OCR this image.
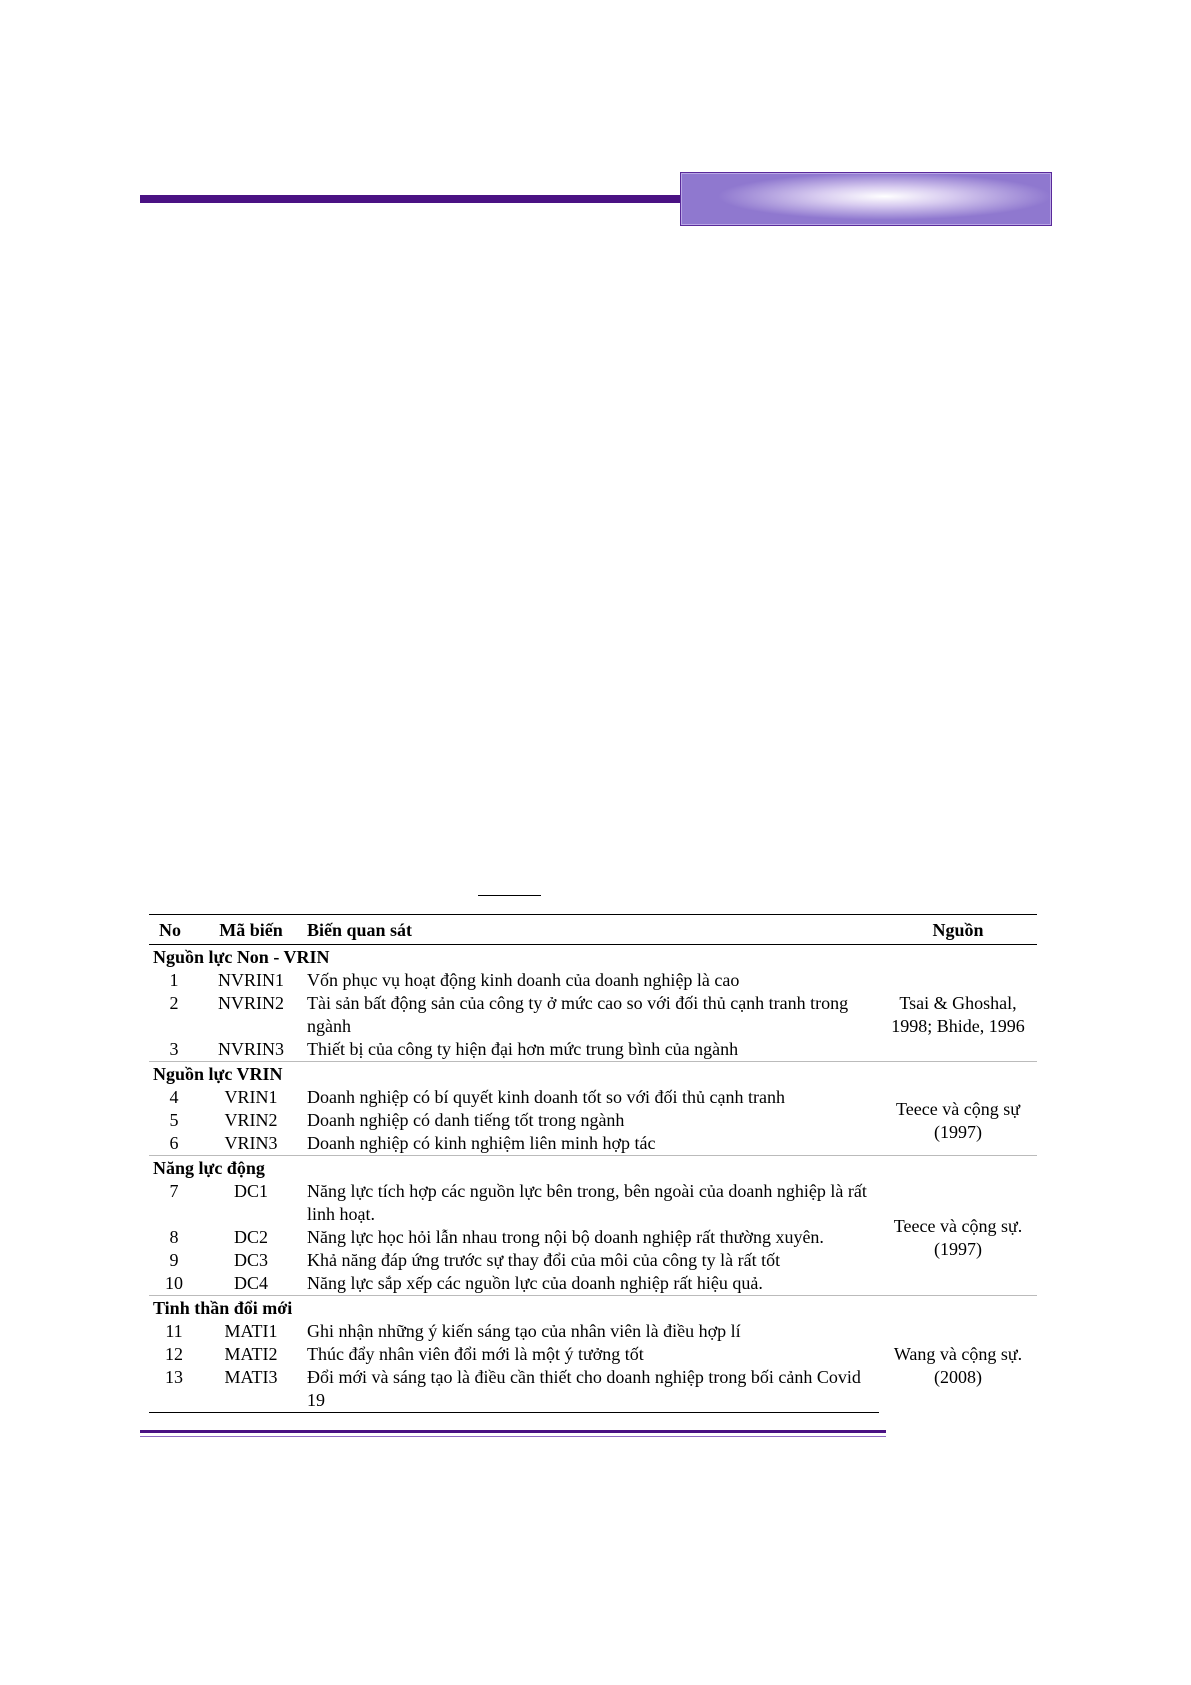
No	Mã biến	Biến quan sát	Nguồn
Nguồn lực Non - VRIN			
1	NVRIN1	Vốn phục vụ hoạt động kinh doanh của doanh nghiệp là cao	Tsai & Ghoshal, 1998; Bhide, 1996
2	NVRIN2	Tài sản bất động sản của công ty ở mức cao so với đối thủ cạnh tranh trong ngành	
3	NVRIN3	Thiết bị của công ty hiện đại hơn mức trung bình của ngành	
Nguồn lực VRIN			
4	VRIN1	Doanh nghiệp có bí quyết kinh doanh tốt so với đối thủ cạnh tranh	Teece và cộng sự (1997)
5	VRIN2	Doanh nghiệp có danh tiếng tốt trong ngành	
6	VRIN3	Doanh nghiệp có kinh nghiệm liên minh hợp tác	
Năng lực động			
7	DC1	Năng lực tích hợp các nguồn lực bên trong, bên ngoài của doanh nghiệp là rất linh hoạt.	Teece và cộng sự. (1997)
8	DC2	Năng lực học hỏi lẫn nhau trong nội bộ doanh nghiệp rất thường xuyên.	
9	DC3	Khả năng đáp ứng trước sự thay đổi của môi của công ty là rất tốt	
10	DC4	Năng lực sắp xếp các nguồn lực của doanh nghiệp rất hiệu quả.	
Tinh thần đổi mới			
11	MATI1	Ghi nhận những ý kiến sáng tạo của nhân viên là điều hợp lí	Wang và cộng sự. (2008)
12	MATI2	Thúc đẩy nhân viên đổi mới là một ý tưởng tốt	
13	MATI3	Đổi mới và sáng tạo là điều cần thiết cho doanh nghiệp trong bối cảnh Covid 19	
